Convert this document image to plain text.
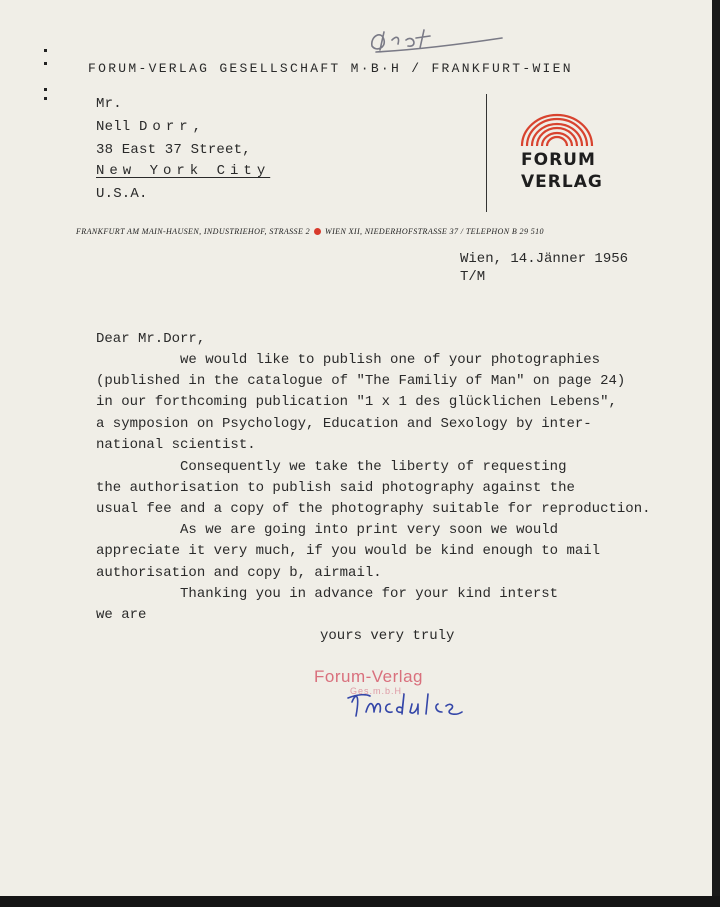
FORUM-VERLAG GESELLSCHAFT M·B·H / FRANKFURT-WIEN
Mr.
Nell Dorr,
38 East 37 Street,
New York City
U.S.A.
FORUM
VERLAG
FRANKFURT AM MAIN-HAUSEN, INDUSTRIEHOF, STRASSE 2 WIEN XII, NIEDERHOFSTRASSE 37 / TELEPHON B 29 510
Wien, 14.Jänner 1956
T/M
Dear Mr.Dorr,
we would like to publish one of your photographies
(published in the catalogue of "The Familiy of Man" on page 24)
in our forthcoming publication "1 x 1 des glücklichen Lebens",
a symposion on Psychology, Education and Sexology by inter-
national scientist.
Consequently we take the liberty of requesting
the authorisation to publish said photography against the
usual fee and a copy of the photography suitable for reproduction.
As we are going into print very soon we would
appreciate it very much, if you would be kind enough to mail
authorisation and copy b, airmail.
Thanking you in advance for your kind interst
we are
yours very truly
Forum-Verlag
Ges.m.b.H.
